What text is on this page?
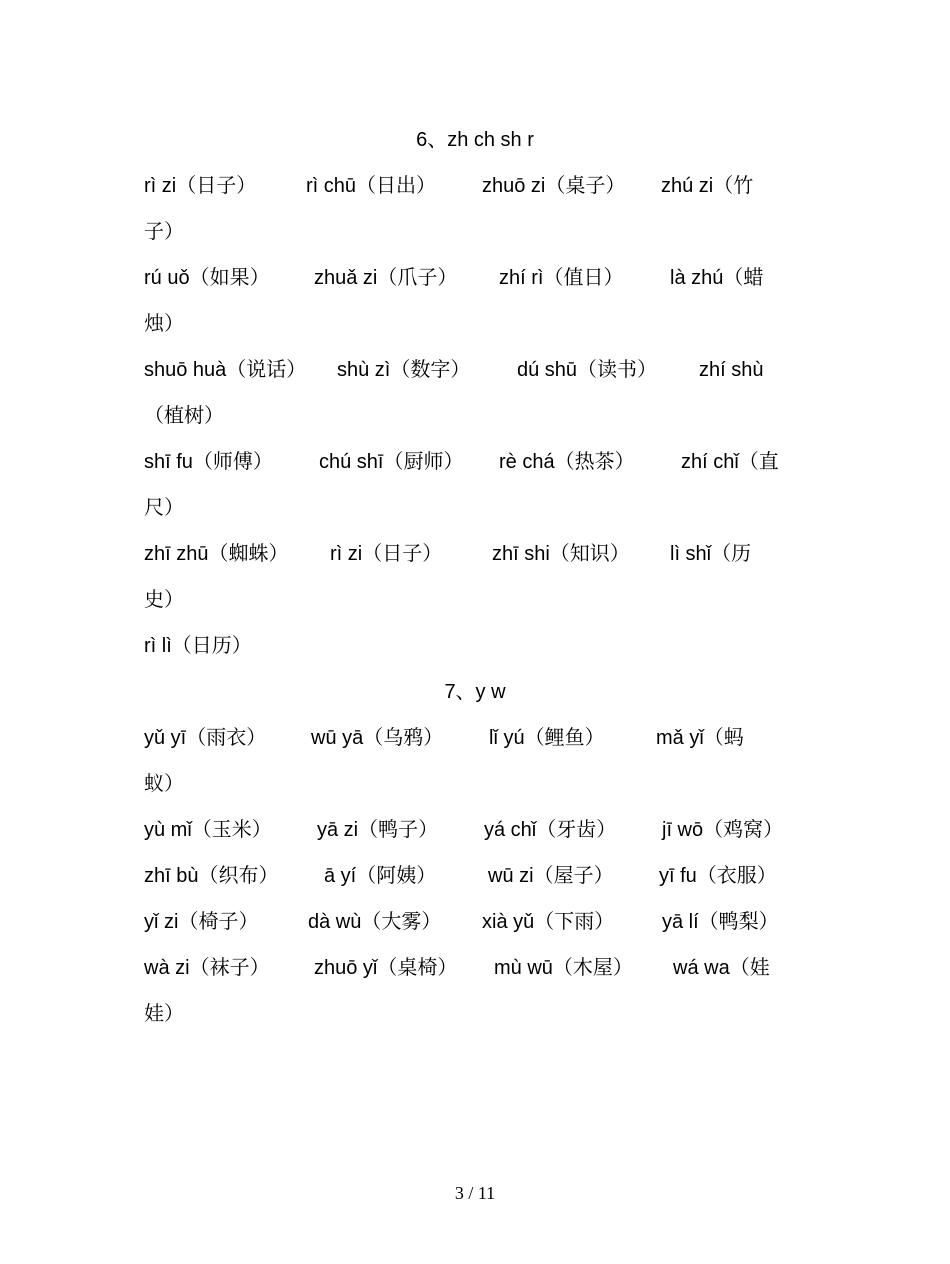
6、zh ch sh r
rì zi（日子） rì chū（日出） zhuō zi（桌子） zhú zi（竹
子）
rú uǒ（如果） zhuǎ zi（爪子） zhí rì（值日） là zhú（蜡
烛）
shuō huà（说话） shù zì（数字） dú shū（读书） zhí shù
（植树）
shī fu（师傅） chú shī（厨师） rè chá（热茶） zhí chǐ（直
尺）
zhī zhū（蜘蛛） rì zi（日子） zhī shi（知识） lì shǐ（历
史）
rì lì（日历）
7、y w
yǔ yī（雨衣） wū yā（乌鸦） lǐ yú（鲤鱼）	mǎ yǐ（蚂
蚁）
yù mǐ（玉米） yā zi（鸭子） yá chǐ（牙齿） jī wō（鸡窝）
zhī bù（织布） ā yí（阿姨）	wū zi（屋子） yī fu（衣服）
yǐ zi（椅子） dà wù（大雾） xià yǔ（下雨） yā lí（鸭梨）
wà zi（袜子） zhuō yǐ（桌椅） mù wū（木屋） wá wa（娃
娃）
3 / 11
